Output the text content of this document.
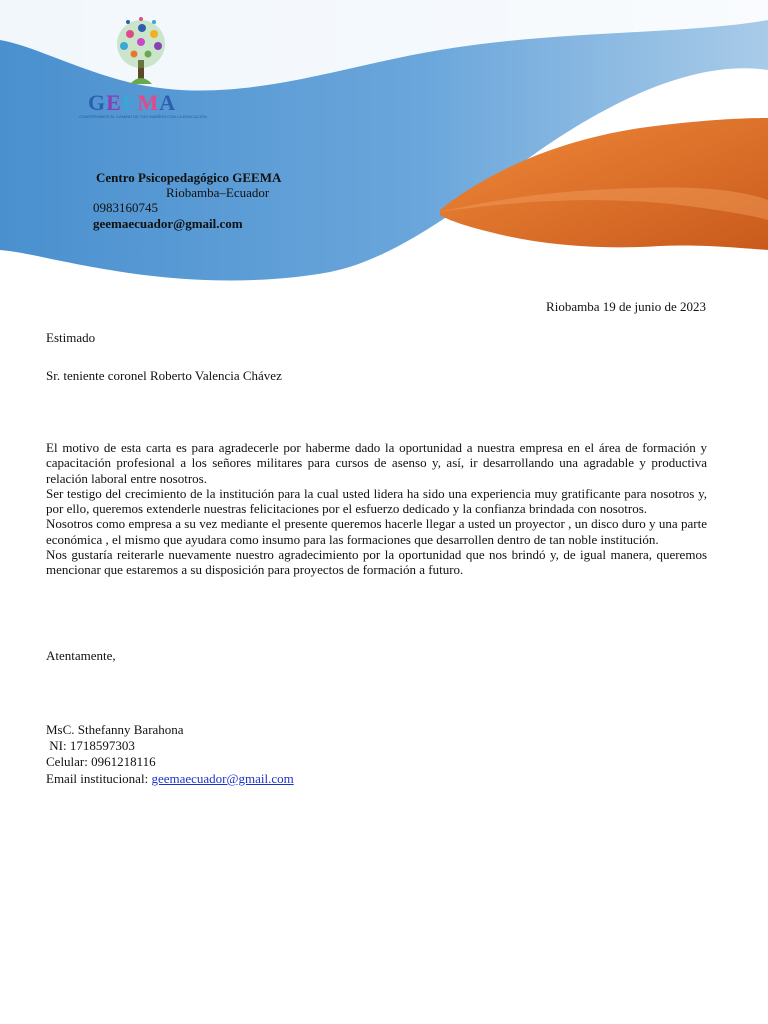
GEEMA
CONSTRUIMOS EL CAMINO DE TUS SUEÑOS CON LA EDUCACIÓN
Centro Psicopedagógico GEEMA
Riobamba–Ecuador
0983160745
geemaecuador@gmail.com
Riobamba 19 de junio de 2023
Estimado
Sr. teniente coronel Roberto Valencia Chávez

El motivo de esta carta es para agradecerle por haberme dado la oportunidad a nuestra empresa en el área de formación y capacitación profesional a los señores militares para cursos de asenso y, así, ir desarrollando una agradable y productiva relación laboral entre nosotros.

Ser testigo del crecimiento de la institución para la cual usted lidera ha sido una experiencia muy gratificante para nosotros y, por ello, queremos extenderle nuestras felicitaciones por el esfuerzo dedicado y la confianza brindada con nosotros.

Nosotros como empresa a su vez mediante el presente queremos hacerle llegar a usted un proyector , un disco duro y una parte económica , el mismo que ayudara como insumo para las formaciones que desarrollen dentro de tan noble institución.

Nos gustaría reiterarle nuevamente nuestro agradecimiento por la oportunidad que nos brindó y, de igual manera, queremos mencionar que estaremos a su disposición para proyectos de formación a futuro.

Atentamente,
MsC. Sthefanny Barahona
NI: 1718597303
Celular: 0961218116
Email institucional: geemaecuador@gmail.com
